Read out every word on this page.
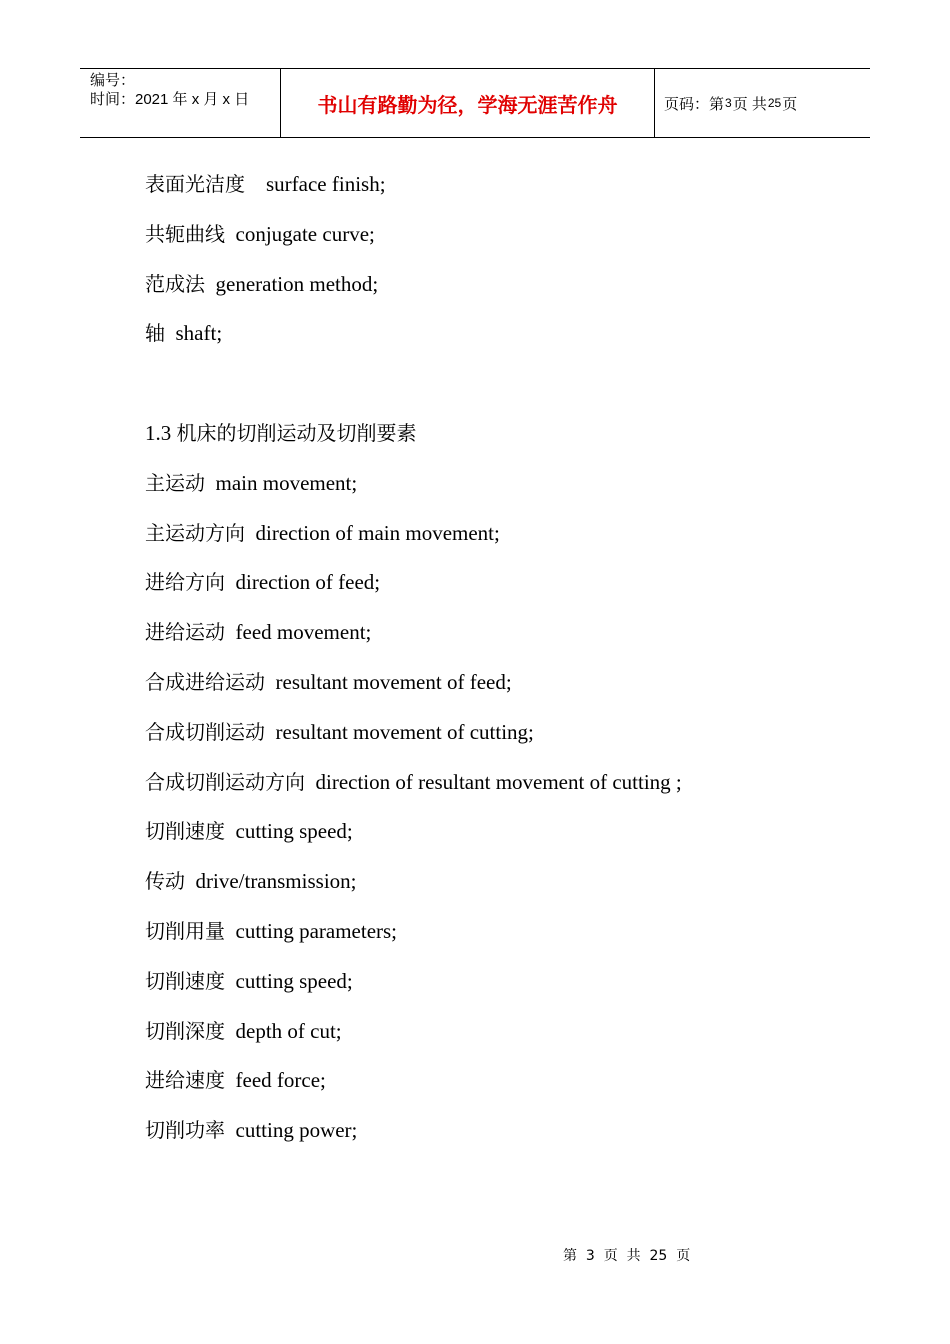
编号：
时间：2021 年 x 月 x 日	书山有路勤为径，学海无涯苦作舟	页码：第 3 页 共 25 页
表面光洁度 surface finish;
共轭曲线 conjugate curve;
范成法 generation method;
轴 shaft;
1.3 机床的切削运动及切削要素
主运动 main movement;
主运动方向 direction of main movement;
进给方向 direction of feed;
进给运动 feed movement;
合成进给运动 resultant movement of feed;
合成切削运动 resultant movement of cutting;
合成切削运动方向 direction of resultant movement of cutting ;
切削速度 cutting speed;
传动 drive/transmission;
切削用量 cutting parameters;
切削速度 cutting speed;
切削深度 depth of cut;
进给速度 feed force;
切削功率 cutting power;
第  3  页  共  25  页
